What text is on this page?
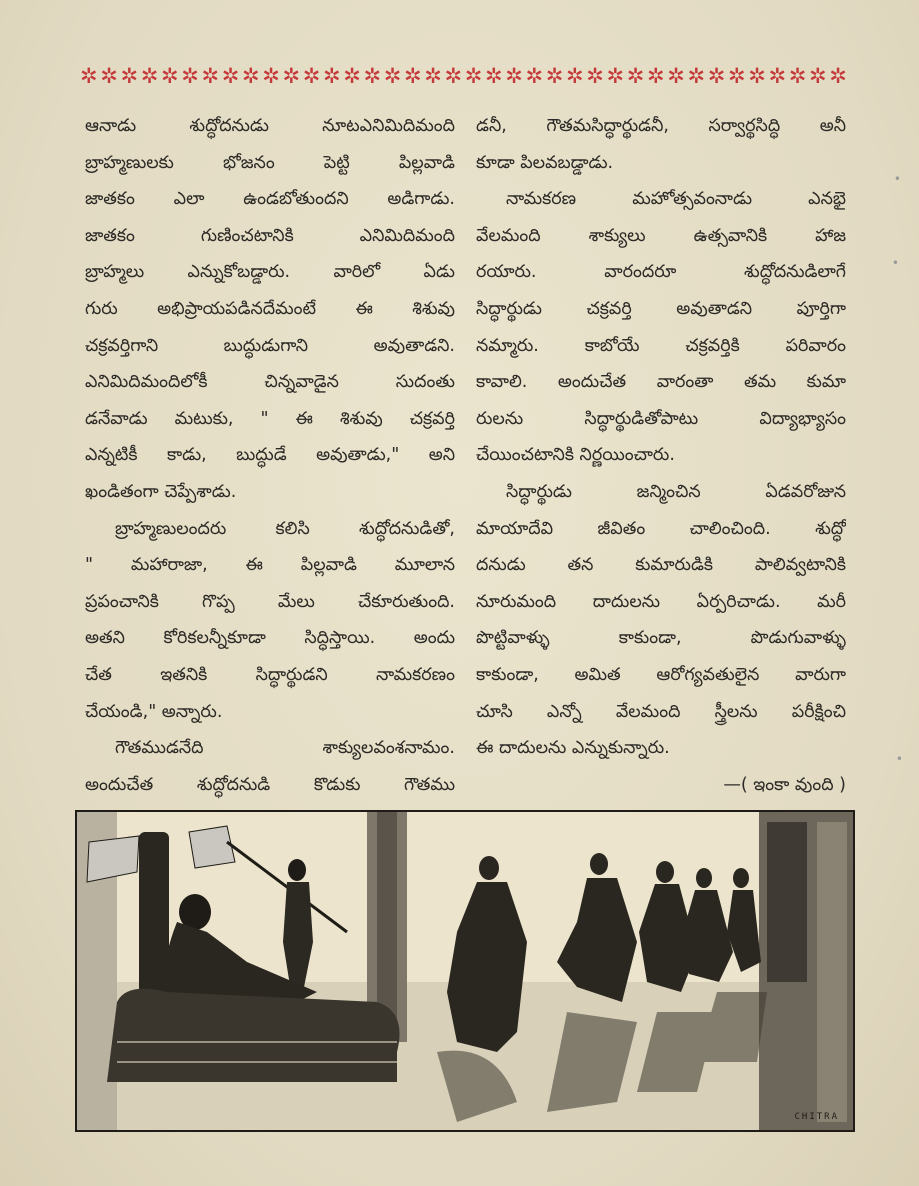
✲ ✲ ✲ ✲ ✲ ✲ ✲ ✲ ✲ ✲ ✲ ✲ ✲ ✲ ✲ ✲ ✲ ✲ ✲ ✲ ✲ ✲ ✲ ✲ ✲ ✲ ✲ ✲ ✲ ✲ ✲ ✲ ✲ ✲ ✲ ✲ ✲ ✲
ఆనాడు శుద్ధోదనుడు నూటఎనిమిదిమంది
బ్రాహ్మణులకు భోజనం పెట్టి పిల్లవాడి
జాతకం ఎలా ఉండబోతుందని అడిగాడు.
జాతకం గుణించటానికి ఎనిమిదిమంది
బ్రాహ్మలు ఎన్నుకోబడ్డారు. వారిలో ఏడు
గురు అభిప్రాయపడినదేమంటే ఈ శిశువు
చక్రవర్తిగాని బుద్ధుడుగాని అవుతాడని.
ఎనిమిదిమందిలోకీ చిన్నవాడైన సుదంతు
డనేవాడు మటుకు, " ఈ శిశువు చక్రవర్తి
ఎన్నటికీ కాడు, బుద్ధుడే అవుతాడు," అని
ఖండితంగా చెప్పేశాడు.
బ్రాహ్మణులందరు కలిసి శుద్ధోదనుడితో,
" మహారాజా, ఈ పిల్లవాడి మూలాన
ప్రపంచానికి గొప్ప మేలు చేకూరుతుంది.
అతని కోరికలన్నీకూడా సిద్ధిస్తాయి. అందు
చేత ఇతనికి సిద్ధార్థుడని నామకరణం
చేయండి," అన్నారు.
గౌతముడనేది శాక్యులవంశనామం.
అందుచేత శుద్ధోదనుడి కొడుకు గౌతము
డనీ, గౌతమసిద్ధార్థుడనీ, సర్వార్థసిద్ధి అనీ
కూడా పిలవబడ్డాడు.
నామకరణ మహోత్సవంనాడు ఎనభై
వేలమంది శాక్యులు ఉత్సవానికి హాజ
రయారు. వారందరూ శుద్ధోదనుడిలాగే
సిద్ధార్థుడు చక్రవర్తి అవుతాడని పూర్తిగా
నమ్మారు. కాబోయే చక్రవర్తికి పరివారం
కావాలి. అందుచేత వారంతా తమ కుమా
రులను సిద్ధార్థుడితోపాటు విద్యాభ్యాసం
చేయించటానికి నిర్ణయించారు.
సిద్ధార్థుడు జన్మించిన ఏడవరోజున
మాయాదేవి జీవితం చాలించింది. శుద్ధో
దనుడు తన కుమారుడికి పాలివ్వటానికి
నూరుమంది దాదులను ఏర్పరిచాడు. మరీ
పొట్టివాళ్ళు కాకుండా, పొడుగువాళ్ళు
కాకుండా, అమిత ఆరోగ్యవతులైన వారుగా
చూసి ఎన్నో వేలమంది స్త్రీలను పరీక్షించి
ఈ దాదులను ఎన్నుకున్నారు.
—( ఇంకా వుంది )
CHITRA
•
•
•
